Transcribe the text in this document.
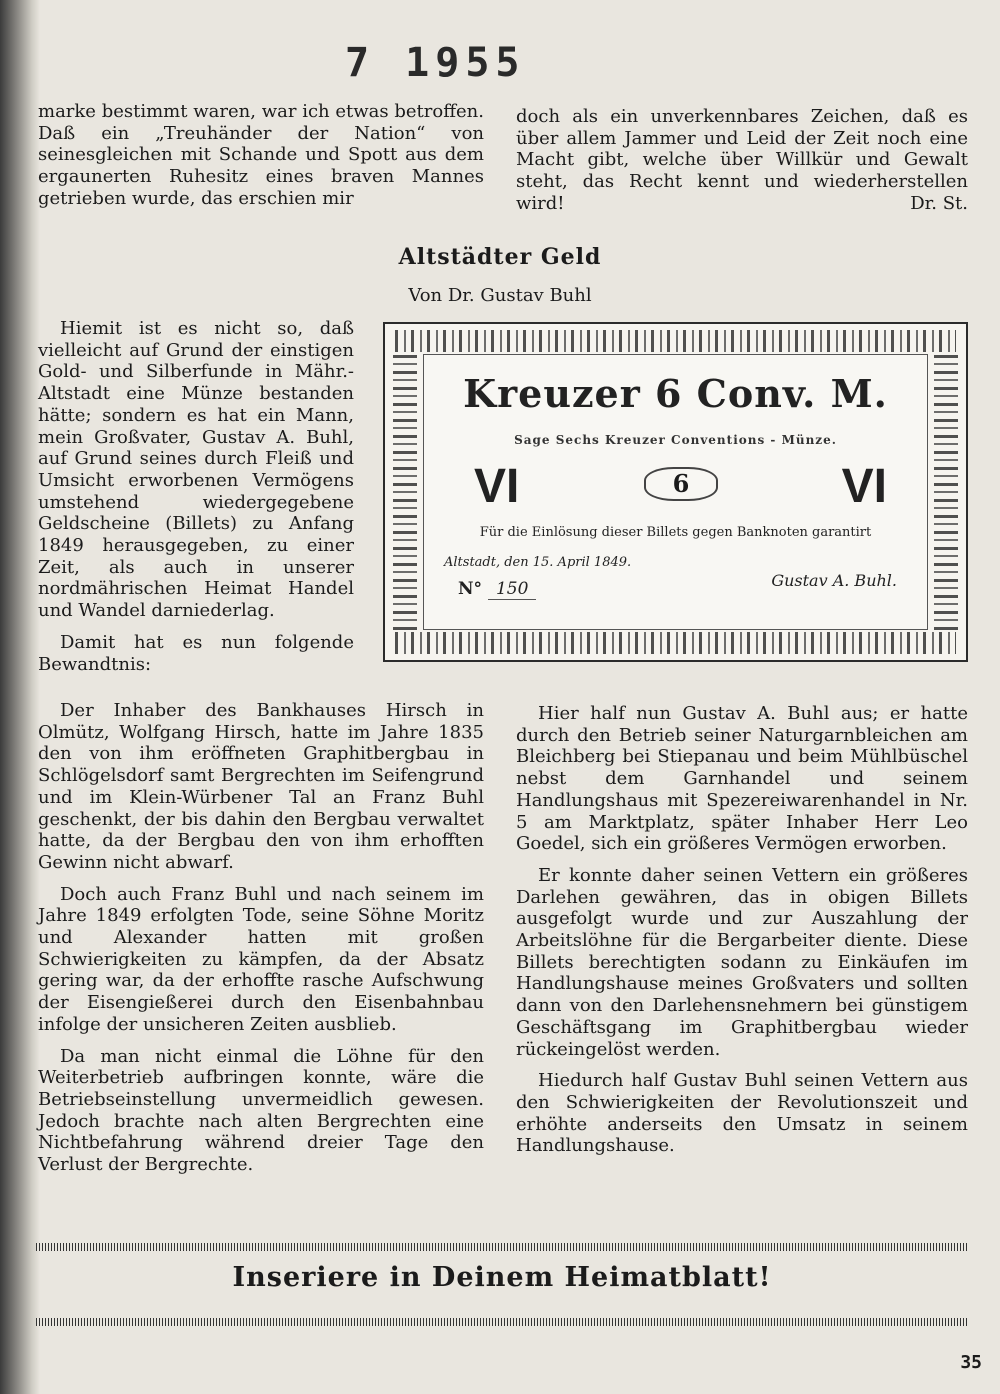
7 1955

marke bestimmt waren, war ich etwas betroffen. Daß ein „Treuhänder der Nation“ von seinesgleichen mit Schande und Spott aus dem ergaunerten Ruhesitz eines braven Mannes getrieben wurde, das erschien mir

doch als ein unverkennbares Zeichen, daß es über allem Jammer und Leid der Zeit noch eine Macht gibt, welche über Willkür und Gewalt steht, das Recht kennt und wiederherstellen wird!	Dr. St.

Altstädter Geld
Von Dr. Gustav Buhl

Hiemit ist es nicht so, daß vielleicht auf Grund der einstigen Gold- und Silberfunde in Mähr.-Altstadt eine Münze bestanden hätte; sondern es hat ein Mann, mein Großvater, Gustav A. Buhl, auf Grund seines durch Fleiß und Umsicht erworbenen Vermögens umstehend wiedergegebene Geldscheine (Billets) zu Anfang 1849 herausgegeben, zu einer Zeit, als auch in unserer nordmährischen Heimat Handel und Wandel darniederlag.

Damit hat es nun folgende Bewandtnis:

Kreuzer 6 Conv. M.
Sage Sechs Kreuzer Conventions - Münze.
VI	6	VI
Für die Einlösung dieser Billets gegen Banknoten garantirt
Altstadt, den 15. April 1849.
N° 150	Gustav A. Buhl.

Der Inhaber des Bankhauses Hirsch in Olmütz, Wolfgang Hirsch, hatte im Jahre 1835 den von ihm eröffneten Graphitbergbau in Schlögelsdorf samt Bergrechten im Seifengrund und im Klein-Würbener Tal an Franz Buhl geschenkt, der bis dahin den Bergbau verwaltet hatte, da der Bergbau den von ihm erhofften Gewinn nicht abwarf.

Doch auch Franz Buhl und nach seinem im Jahre 1849 erfolgten Tode, seine Söhne Moritz und Alexander hatten mit großen Schwierigkeiten zu kämpfen, da der Absatz gering war, da der erhoffte rasche Aufschwung der Eisengießerei durch den Eisenbahnbau infolge der unsicheren Zeiten ausblieb.

Da man nicht einmal die Löhne für den Weiterbetrieb aufbringen konnte, wäre die Betriebseinstellung unvermeidlich gewesen. Jedoch brachte nach alten Bergrechten eine Nichtbefahrung während dreier Tage den Verlust der Bergrechte.

Hier half nun Gustav A. Buhl aus; er hatte durch den Betrieb seiner Naturgarnbleichen am Bleichberg bei Stiepanau und beim Mühlbüschel nebst dem Garnhandel und seinem Handlungshaus mit Spezereiwarenhandel in Nr. 5 am Marktplatz, später Inhaber Herr Leo Goedel, sich ein größeres Vermögen erworben.

Er konnte daher seinen Vettern ein größeres Darlehen gewähren, das in obigen Billets ausgefolgt wurde und zur Auszahlung der Arbeitslöhne für die Bergarbeiter diente. Diese Billets berechtigten sodann zu Einkäufen im Handlungshause meines Großvaters und sollten dann von den Darlehensnehmern bei günstigem Geschäftsgang im Graphitbergbau wieder rückeingelöst werden.

Hiedurch half Gustav Buhl seinen Vettern aus den Schwierigkeiten der Revolutionszeit und erhöhte anderseits den Umsatz in seinem Handlungshause.

Inseriere in Deinem Heimatblatt!
35
